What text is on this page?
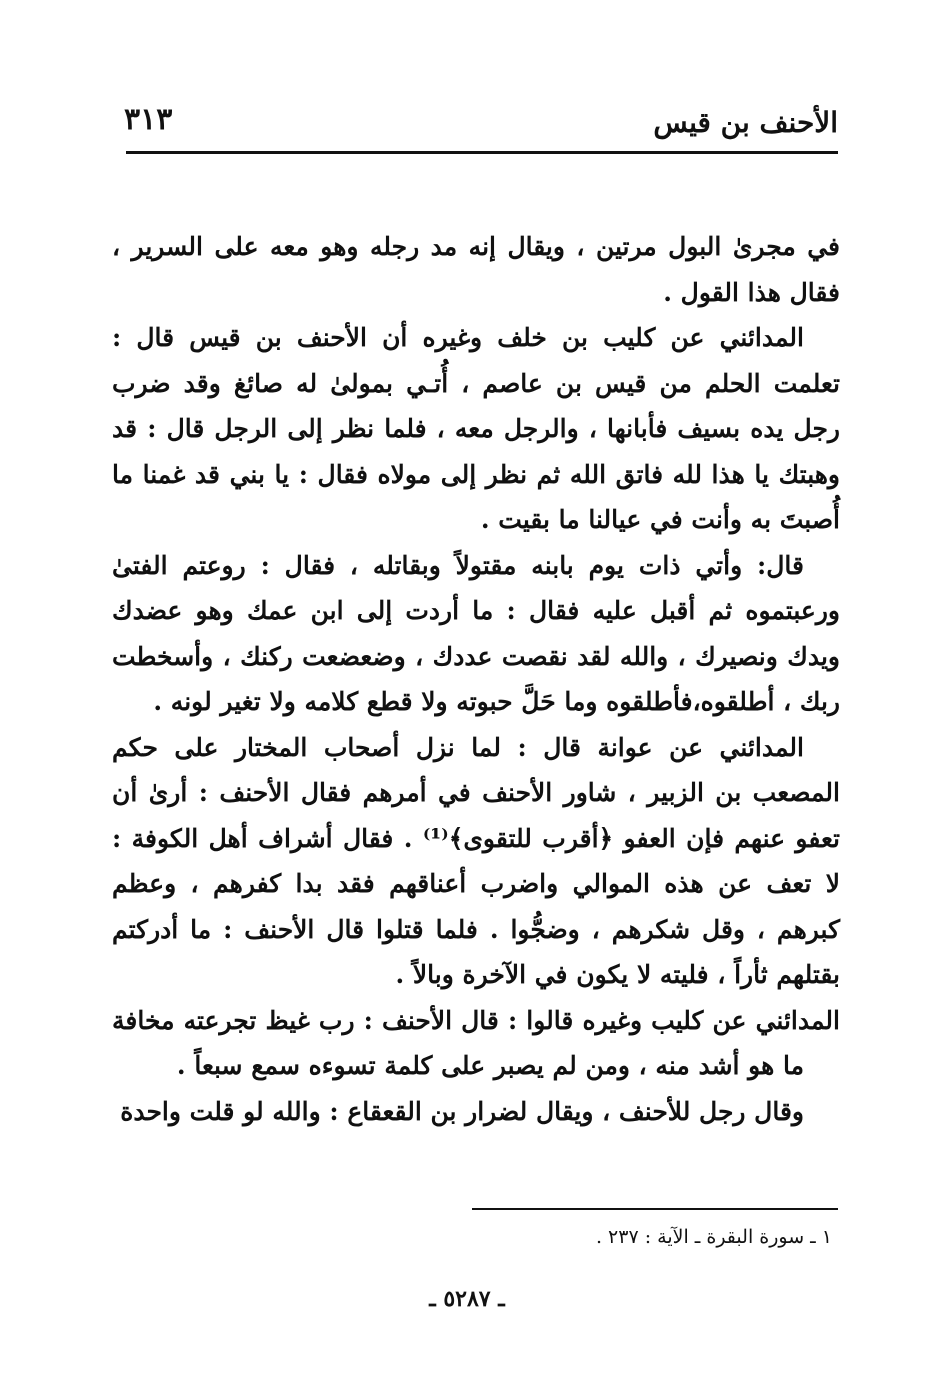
الأحنف بن قيس
٣١٣

في مجرىٰ البول مرتين ، ويقال إنه مد رجله وهو معه على السرير ، فقال هذا القول .

المدائني عن كليب بن خلف وغيره أن الأحنف بن قيس قال : تعلمت الحلم من قيس بن عاصم ، أُتـي بمولىٰ له صائغ وقد ضرب رجل يده بسيف فأبانها ، والرجل معه ، فلما نظر إلى الرجل قال : قد وهبتك يا هذا لله فاتق الله ثم نظر إلى مولاه فقال : يا بني قد غمنا ما أُصبتَ به وأنت في عيالنا ما بقيت .

قال: وأتي ذات يوم بابنه مقتولاً وبقاتله ، فقال : روعتم الفتىٰ ورعبتموه ثم أقبل عليه فقال : ما أردت إلى ابن عمك وهو عضدك ويدك ونصيرك ، والله لقد نقصت عددك ، وضعضعت ركنك ، وأسخطت ربك ، أطلقوه،فأطلقوه وما حَلَّ حبوته ولا قطع كلامه ولا تغير لونه .

المدائني عن عوانة قال : لما نزل أصحاب المختار على حكم المصعب بن الزبير ، شاور الأحنف في أمرهم فقال الأحنف : أرىٰ أن تعفو عنهم فإن العفو ﴿أقرب للتقوى﴾⁽¹⁾ . فقال أشراف أهل الكوفة : لا تعف عن هذه الموالي واضرب أعناقهم فقد بدا كفرهم ، وعظم كبرهم ، وقل شكرهم ، وضجُّوا . فلما قتلوا قال الأحنف : ما أدركتم بقتلهم ثأراً ، فليته لا يكون في الآخرة وبالاً .

المدائني عن كليب وغيره قالوا : قال الأحنف : رب غيظ تجرعته مخافة ما هو أشد منه ، ومن لم يصبر على كلمة تسوءه سمع سبعاً .

وقال رجل للأحنف ، ويقال لضرار بن القعقاع : والله لو قلت واحدة

١ ـ سورة البقرة ـ الآية : ٢٣٧ .
ـ ٥٢٨٧ ـ
